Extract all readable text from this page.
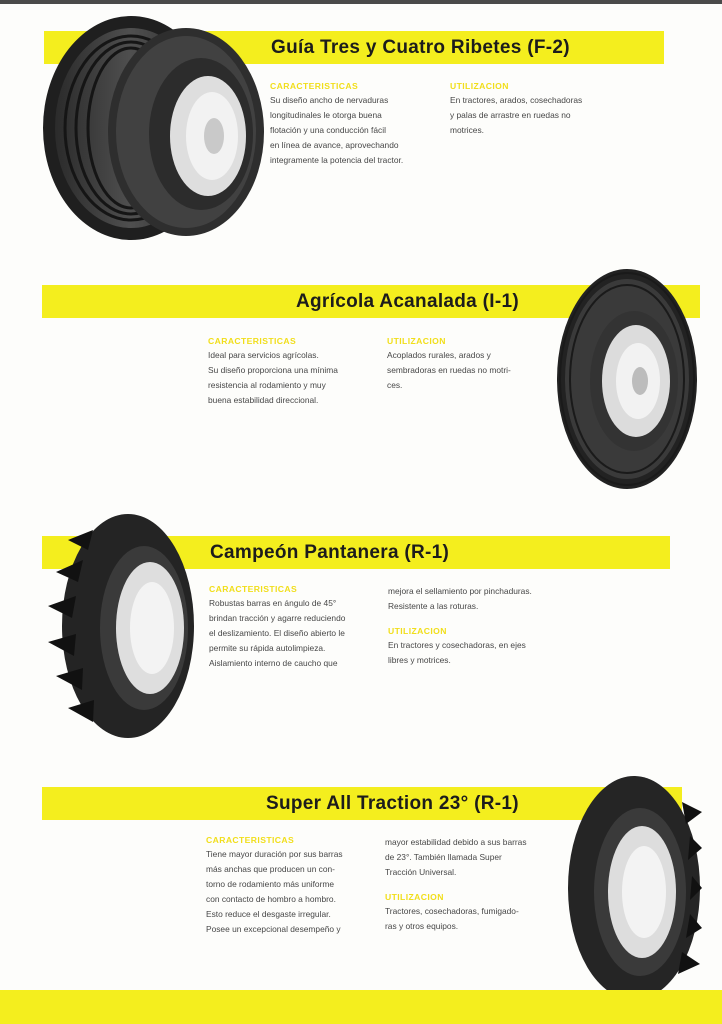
Guía Tres y Cuatro Ribetes (F-2)
CARACTERISTICAS
Su diseño ancho de nervaduras
longitudinales le otorga buena
flotación y una conducción fácil
en línea de avance, aprovechando
integramente la potencia del tractor.
UTILIZACION
En tractores, arados, cosechadoras
y palas de arrastre en ruedas no
motrices.
Agrícola Acanalada (I-1)
CARACTERISTICAS
Ideal para servicios agrícolas.
Su diseño proporciona una mínima
resistencia al rodamiento y muy
buena estabilidad direccional.
UTILIZACION
Acoplados rurales, arados y
sembradoras en ruedas no motri-
ces.
Campeón Pantanera (R-1)
CARACTERISTICAS
Robustas barras en ángulo de 45°
brindan tracción y agarre reduciendo
el deslizamiento. El diseño abierto le
permite su rápida autolimpieza.
Aislamiento interno de caucho que
mejora el sellamiento por pinchaduras.
Resistente a las roturas.
UTILIZACION
En tractores y cosechadoras, en ejes
libres y motrices.
Super All Traction 23° (R-1)
CARACTERISTICAS
Tiene mayor duración por sus barras
más anchas que producen un con-
torno de rodamiento más uniforme
con contacto de hombro a hombro.
Esto reduce el desgaste irregular.
Posee un excepcional desempeño y
mayor estabilidad debido a sus barras
de 23°. También llamada Super
Tracción Universal.
UTILIZACION
Tractores, cosechadoras, fumigado-
ras y otros equipos.
